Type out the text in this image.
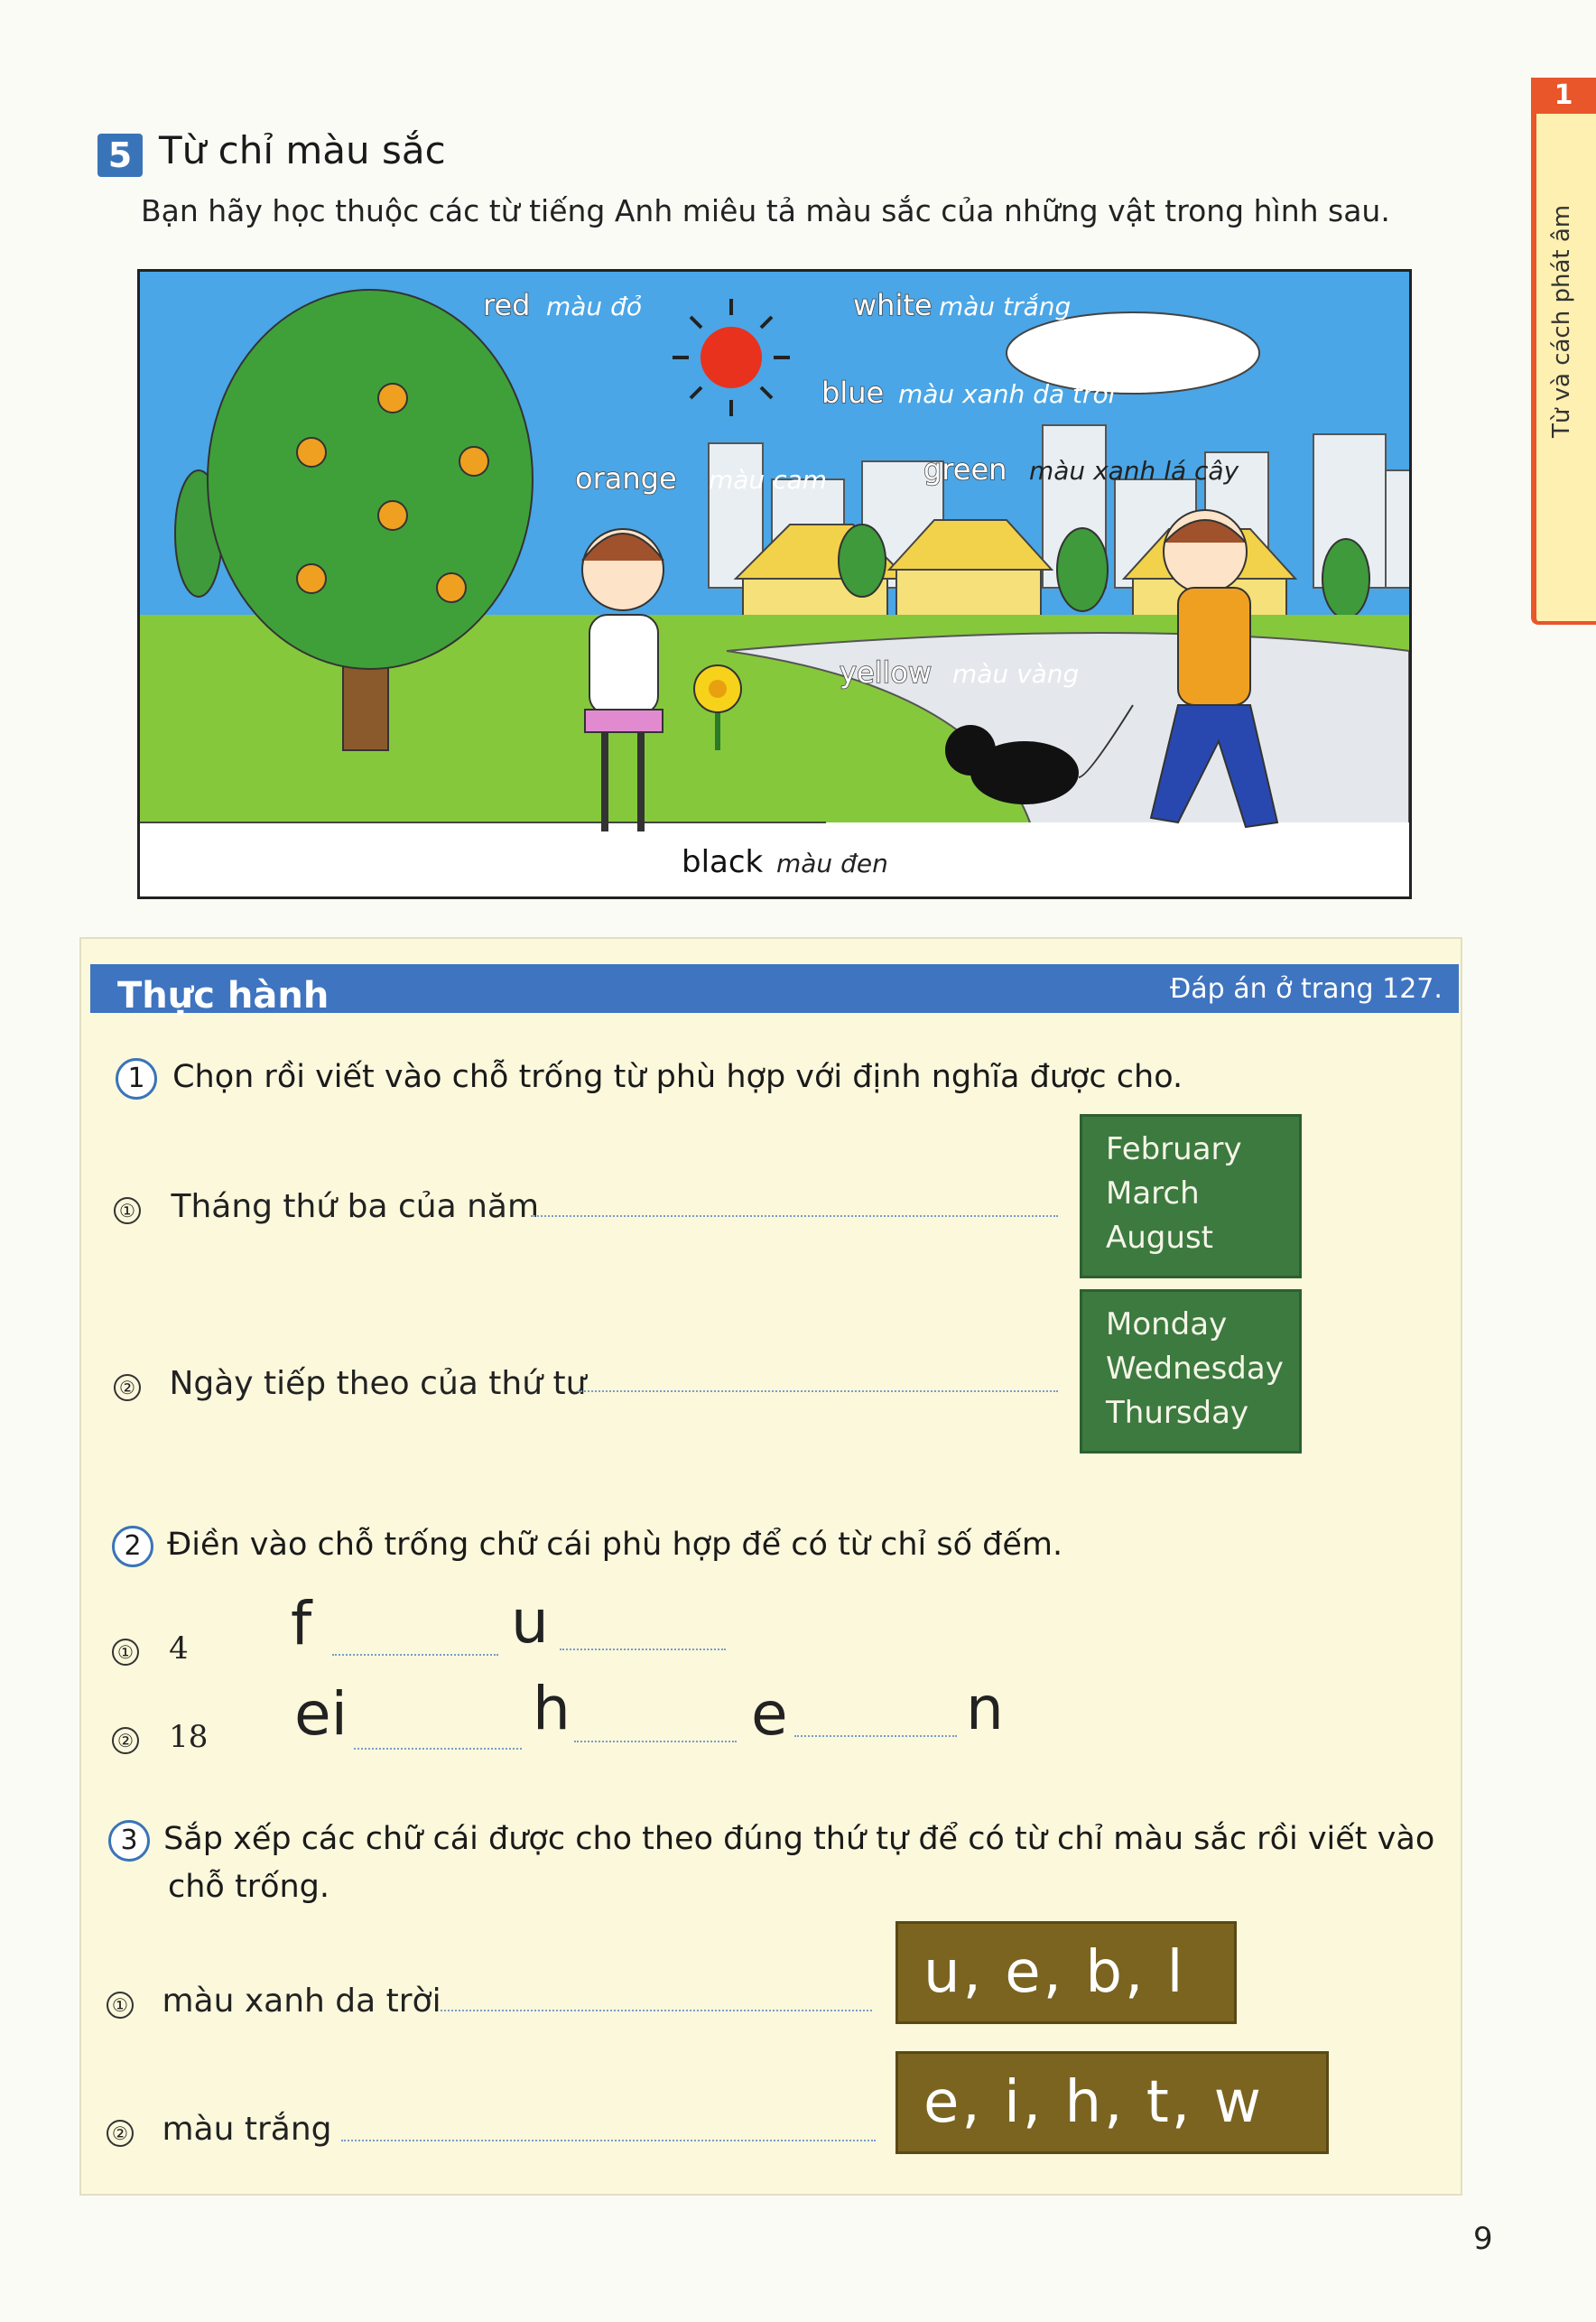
1
Từ và cách phát âm
5 Từ chỉ màu sắc
Bạn hãy học thuộc các từ tiếng Anh miêu tả màu sắc của những vật trong hình sau.
red màu đỏ	white màu trắng
blue màu xanh da trời
orange màu cam	green màu xanh lá cây
yellow màu vàng
black màu đen
Thực hành	Đáp án ở trang 127.
1 Chọn rồi viết vào chỗ trống từ phù hợp với định nghĩa được cho.
① Tháng thứ ba của năm
February
March
August
② Ngày tiếp theo của thứ tư
Monday
Wednesday
Thursday
2 Điền vào chỗ trống chữ cái phù hợp để có từ chỉ số đếm.
① 4 f	u
② 18 ei	h	e	n
3 Sắp xếp các chữ cái được cho theo đúng thứ tự để có từ chỉ màu sắc rồi viết vào
chỗ trống.
① màu xanh da trời	u, e, b, l
② màu trắng	e, i, h, t, w
9
